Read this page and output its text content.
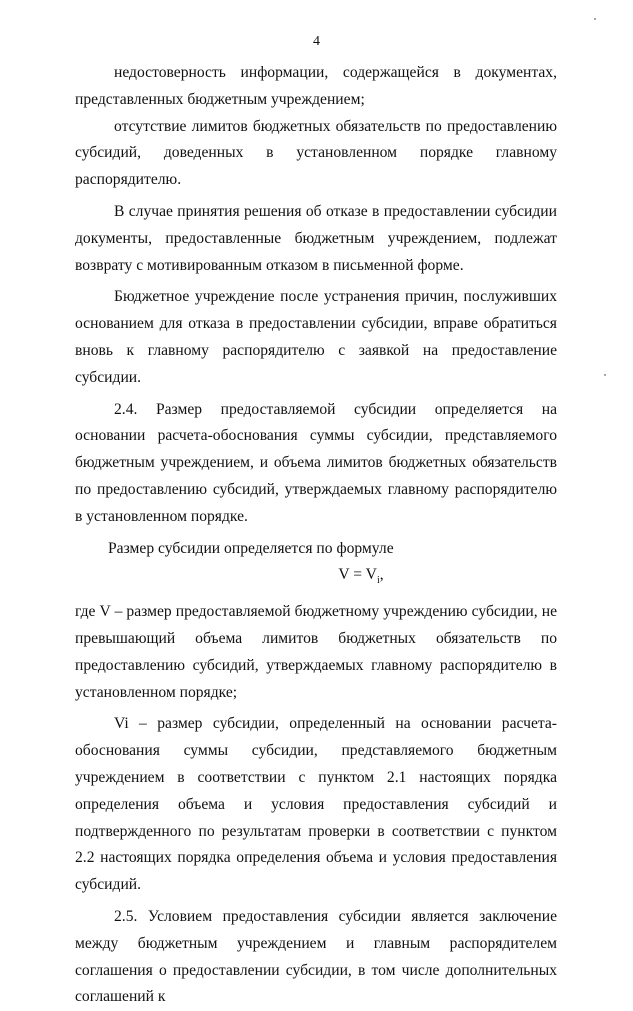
4

недостоверность информации, содержащейся в документах, представленных бюджетным учреждением;

отсутствие лимитов бюджетных обязательств по предоставлению субсидий, доведенных в установленном порядке главному распорядителю.

В случае принятия решения об отказе в предоставлении субсидии документы, предоставленные бюджетным учреждением, подлежат возврату с мотивированным отказом в письменной форме.

Бюджетное учреждение после устранения причин, послуживших основанием для отказа в предоставлении субсидии, вправе обратиться вновь к главному распорядителю с заявкой на предоставление субсидии.

2.4. Размер предоставляемой субсидии определяется на основании расчета-обоснования суммы субсидии, представляемого бюджетным учреждением, и объема лимитов бюджетных обязательств по предоставлению субсидий, утверждаемых главному распорядителю в установленном порядке.

Размер субсидии определяется по формуле

$V = V_i$,

где V – размер предоставляемой бюджетному учреждению субсидии, не превышающий объема лимитов бюджетных обязательств по предоставлению субсидий, утверждаемых главному распорядителю в установленном порядке;

Vi – размер субсидии, определенный на основании расчета-обоснования суммы субсидии, представляемого бюджетным учреждением в соответствии с пунктом 2.1 настоящих порядка определения объема и условия предоставления субсидий и подтвержденного по результатам проверки в соответствии с пунктом 2.2 настоящих порядка определения объема и условия предоставления субсидий.

2.5. Условием предоставления субсидии является заключение между бюджетным учреждением и главным распорядителем соглашения о предоставлении субсидии, в том числе дополнительных соглашений к
